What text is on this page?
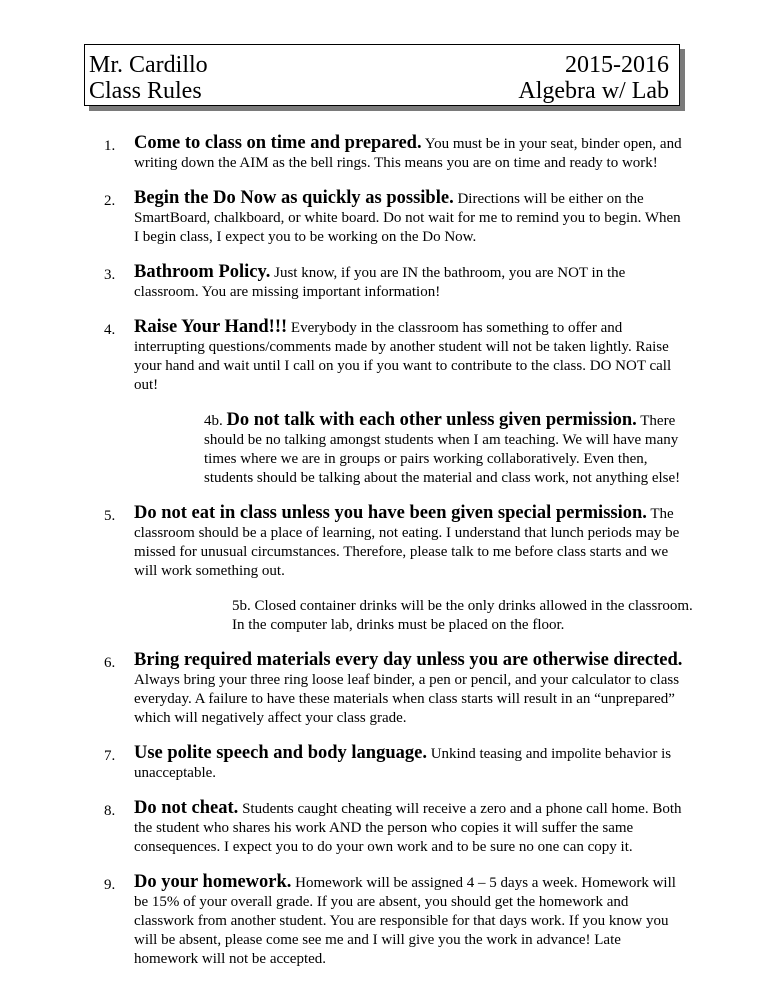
Mr. Cardillo
Class Rules
2015-2016
Algebra w/ Lab
1. Come to class on time and prepared. You must be in your seat, binder open, and writing down the AIM as the bell rings. This means you are on time and ready to work!
2. Begin the Do Now as quickly as possible. Directions will be either on the SmartBoard, chalkboard, or white board. Do not wait for me to remind you to begin. When I begin class, I expect you to be working on the Do Now.
3. Bathroom Policy. Just know, if you are IN the bathroom, you are NOT in the classroom. You are missing important information!
4. Raise Your Hand!!! Everybody in the classroom has something to offer and interrupting questions/comments made by another student will not be taken lightly. Raise your hand and wait until I call on you if you want to contribute to the class. DO NOT call out!
4b. Do not talk with each other unless given permission. There should be no talking amongst students when I am teaching. We will have many times where we are in groups or pairs working collaboratively. Even then, students should be talking about the material and class work, not anything else!
5. Do not eat in class unless you have been given special permission. The classroom should be a place of learning, not eating. I understand that lunch periods may be missed for unusual circumstances. Therefore, please talk to me before class starts and we will work something out.
5b. Closed container drinks will be the only drinks allowed in the classroom. In the computer lab, drinks must be placed on the floor.
6. Bring required materials every day unless you are otherwise directed. Always bring your three ring loose leaf binder, a pen or pencil, and your calculator to class everyday. A failure to have these materials when class starts will result in an “unprepared” which will negatively affect your class grade.
7. Use polite speech and body language. Unkind teasing and impolite behavior is unacceptable.
8. Do not cheat. Students caught cheating will receive a zero and a phone call home. Both the student who shares his work AND the person who copies it will suffer the same consequences. I expect you to do your own work and to be sure no one can copy it.
9. Do your homework. Homework will be assigned 4 – 5 days a week. Homework will be 15% of your overall grade. If you are absent, you should get the homework and classwork from another student. You are responsible for that days work. If you know you will be absent, please come see me and I will give you the work in advance! Late homework will not be accepted.
